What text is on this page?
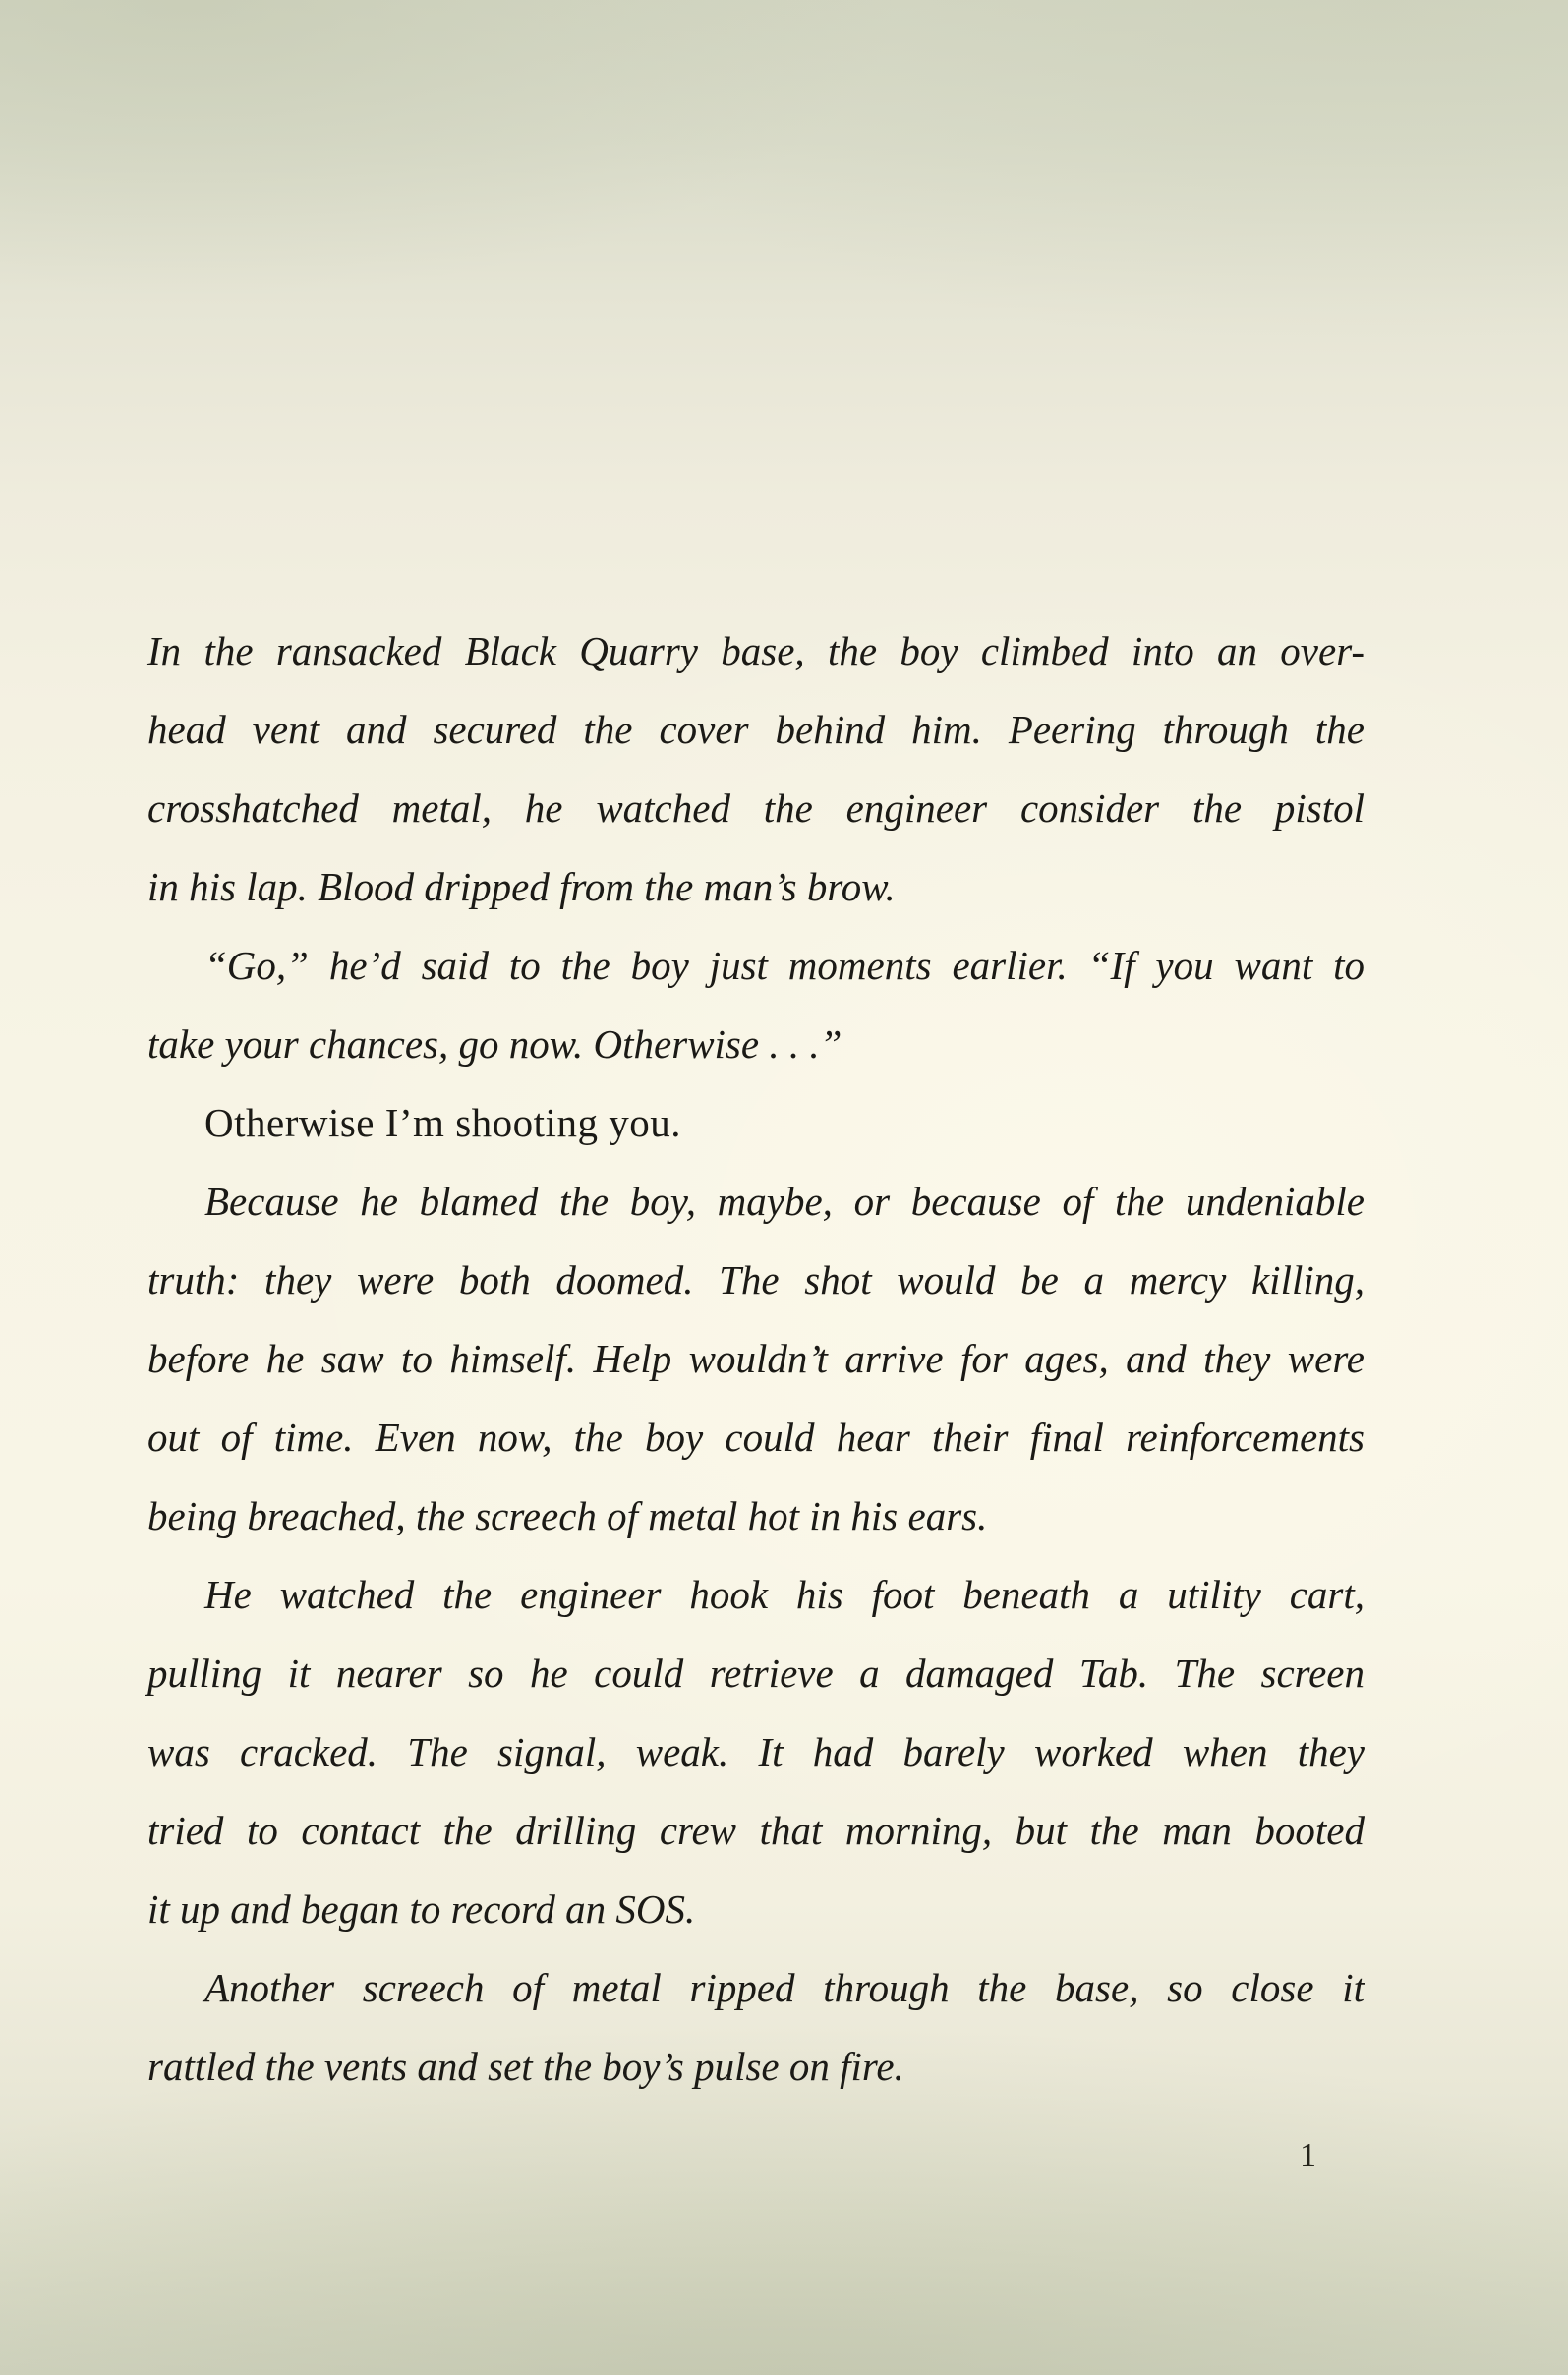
In the ransacked Black Quarry base, the boy climbed into an over-
head vent and secured the cover behind him. Peering through the
crosshatched metal, he watched the engineer consider the pistol
in his lap. Blood dripped from the man’s brow.
“Go,” he’d said to the boy just moments earlier. “If you want to
take your chances, go now. Otherwise . . .”
Otherwise I’m shooting you.
Because he blamed the boy, maybe, or because of the undeniable
truth: they were both doomed. The shot would be a mercy killing,
before he saw to himself. Help wouldn’t arrive for ages, and they were
out of time. Even now, the boy could hear their final reinforcements
being breached, the screech of metal hot in his ears.
He watched the engineer hook his foot beneath a utility cart,
pulling it nearer so he could retrieve a damaged Tab. The screen
was cracked. The signal, weak. It had barely worked when they
tried to contact the drilling crew that morning, but the man booted
it up and began to record an SOS.
Another screech of metal ripped through the base, so close it
rattled the vents and set the boy’s pulse on fire.
1
